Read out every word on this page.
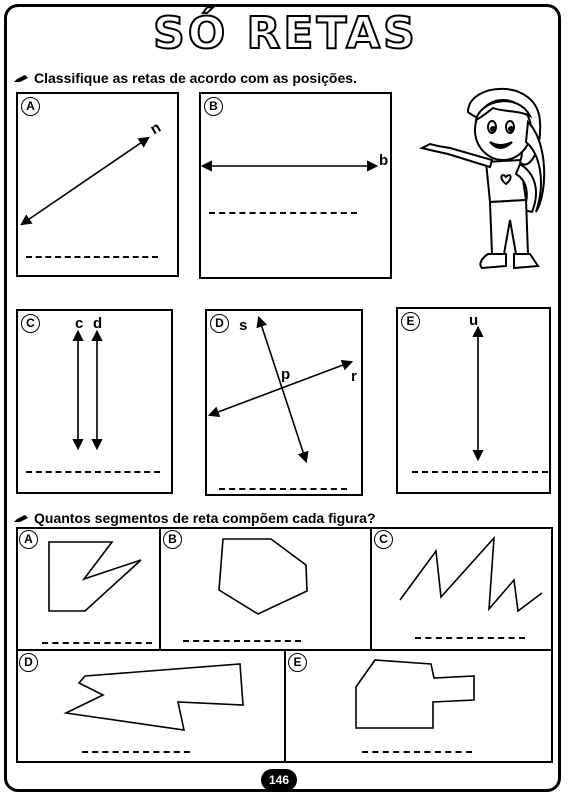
SÓ RETAS
Classifique as retas de acordo com as posições.
A
n
B
b
C	c d	D	s
p	r
E	u
Quantos segmentos de reta compõem cada figura?
A	B	C
D	E
146
